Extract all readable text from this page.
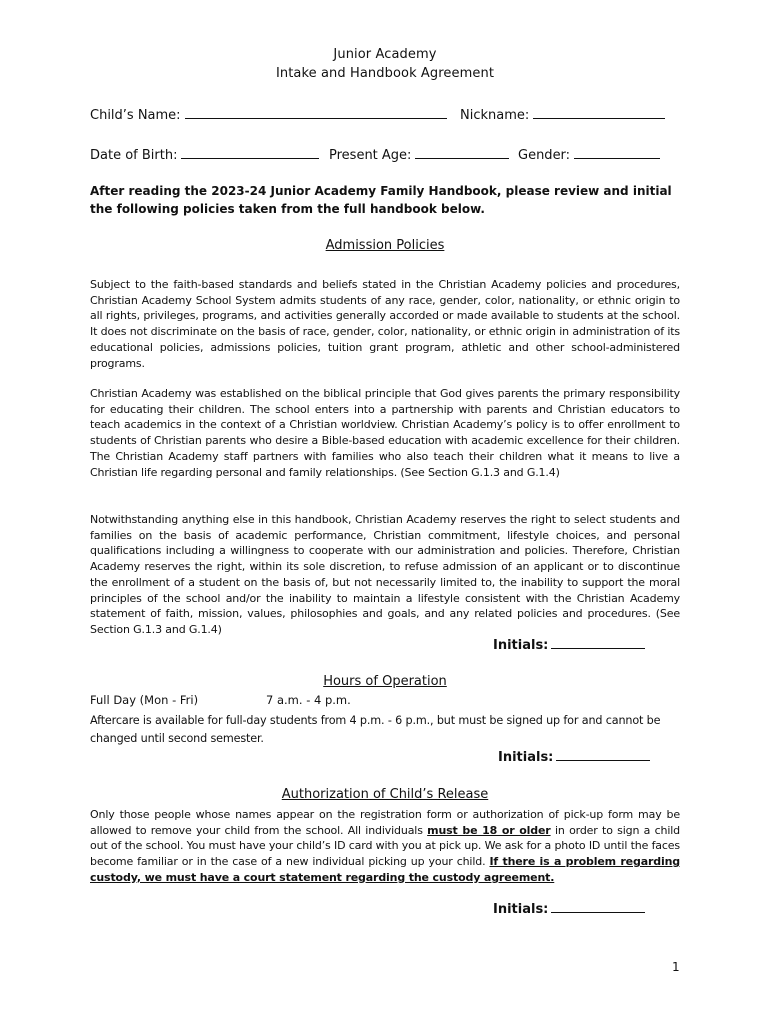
Junior Academy
Intake and Handbook Agreement
Child’s Name:	Nickname:
Date of Birth:	Present Age:	Gender:
After reading the 2023-24 Junior Academy Family Handbook, please review and initial the following policies taken from the full handbook below.
Admission Policies
Subject to the faith-based standards and beliefs stated in the Christian Academy policies and procedures, Christian Academy School System admits students of any race, gender, color, nationality, or ethnic origin to all rights, privileges, programs, and activities generally accorded or made available to students at the school. It does not discriminate on the basis of race, gender, color, nationality, or ethnic origin in administration of its educational policies, admissions policies, tuition grant program, athletic and other school-administered programs.
Christian Academy was established on the biblical principle that God gives parents the primary responsibility for educating their children. The school enters into a partnership with parents and Christian educators to teach academics in the context of a Christian worldview. Christian Academy’s policy is to offer enrollment to students of Christian parents who desire a Bible-based education with academic excellence for their children. The Christian Academy staff partners with families who also teach their children what it means to live a Christian life regarding personal and family relationships. (See Section G.1.3 and G.1.4)
Notwithstanding anything else in this handbook, Christian Academy reserves the right to select students and families on the basis of academic performance, Christian commitment, lifestyle choices, and personal qualifications including a willingness to cooperate with our administration and policies. Therefore, Christian Academy reserves the right, within its sole discretion, to refuse admission of an applicant or to discontinue the enrollment of a student on the basis of, but not necessarily limited to, the inability to support the moral principles of the school and/or the inability to maintain a lifestyle consistent with the Christian Academy statement of faith, mission, values, philosophies and goals, and any related policies and procedures. (See Section G.1.3 and G.1.4)
Initials:
Hours of Operation
Full Day (Mon - Fri)	7 a.m. - 4 p.m.
Aftercare is available for full-day students from 4 p.m. - 6 p.m., but must be signed up for and cannot be changed until second semester.
Initials:
Authorization of Child’s Release
Only those people whose names appear on the registration form or authorization of pick-up form may be allowed to remove your child from the school. All individuals must be 18 or older in order to sign a child out of the school. You must have your child’s ID card with you at pick up. We ask for a photo ID until the faces become familiar or in the case of a new individual picking up your child. If there is a problem regarding custody, we must have a court statement regarding the custody agreement.
Initials:
1
